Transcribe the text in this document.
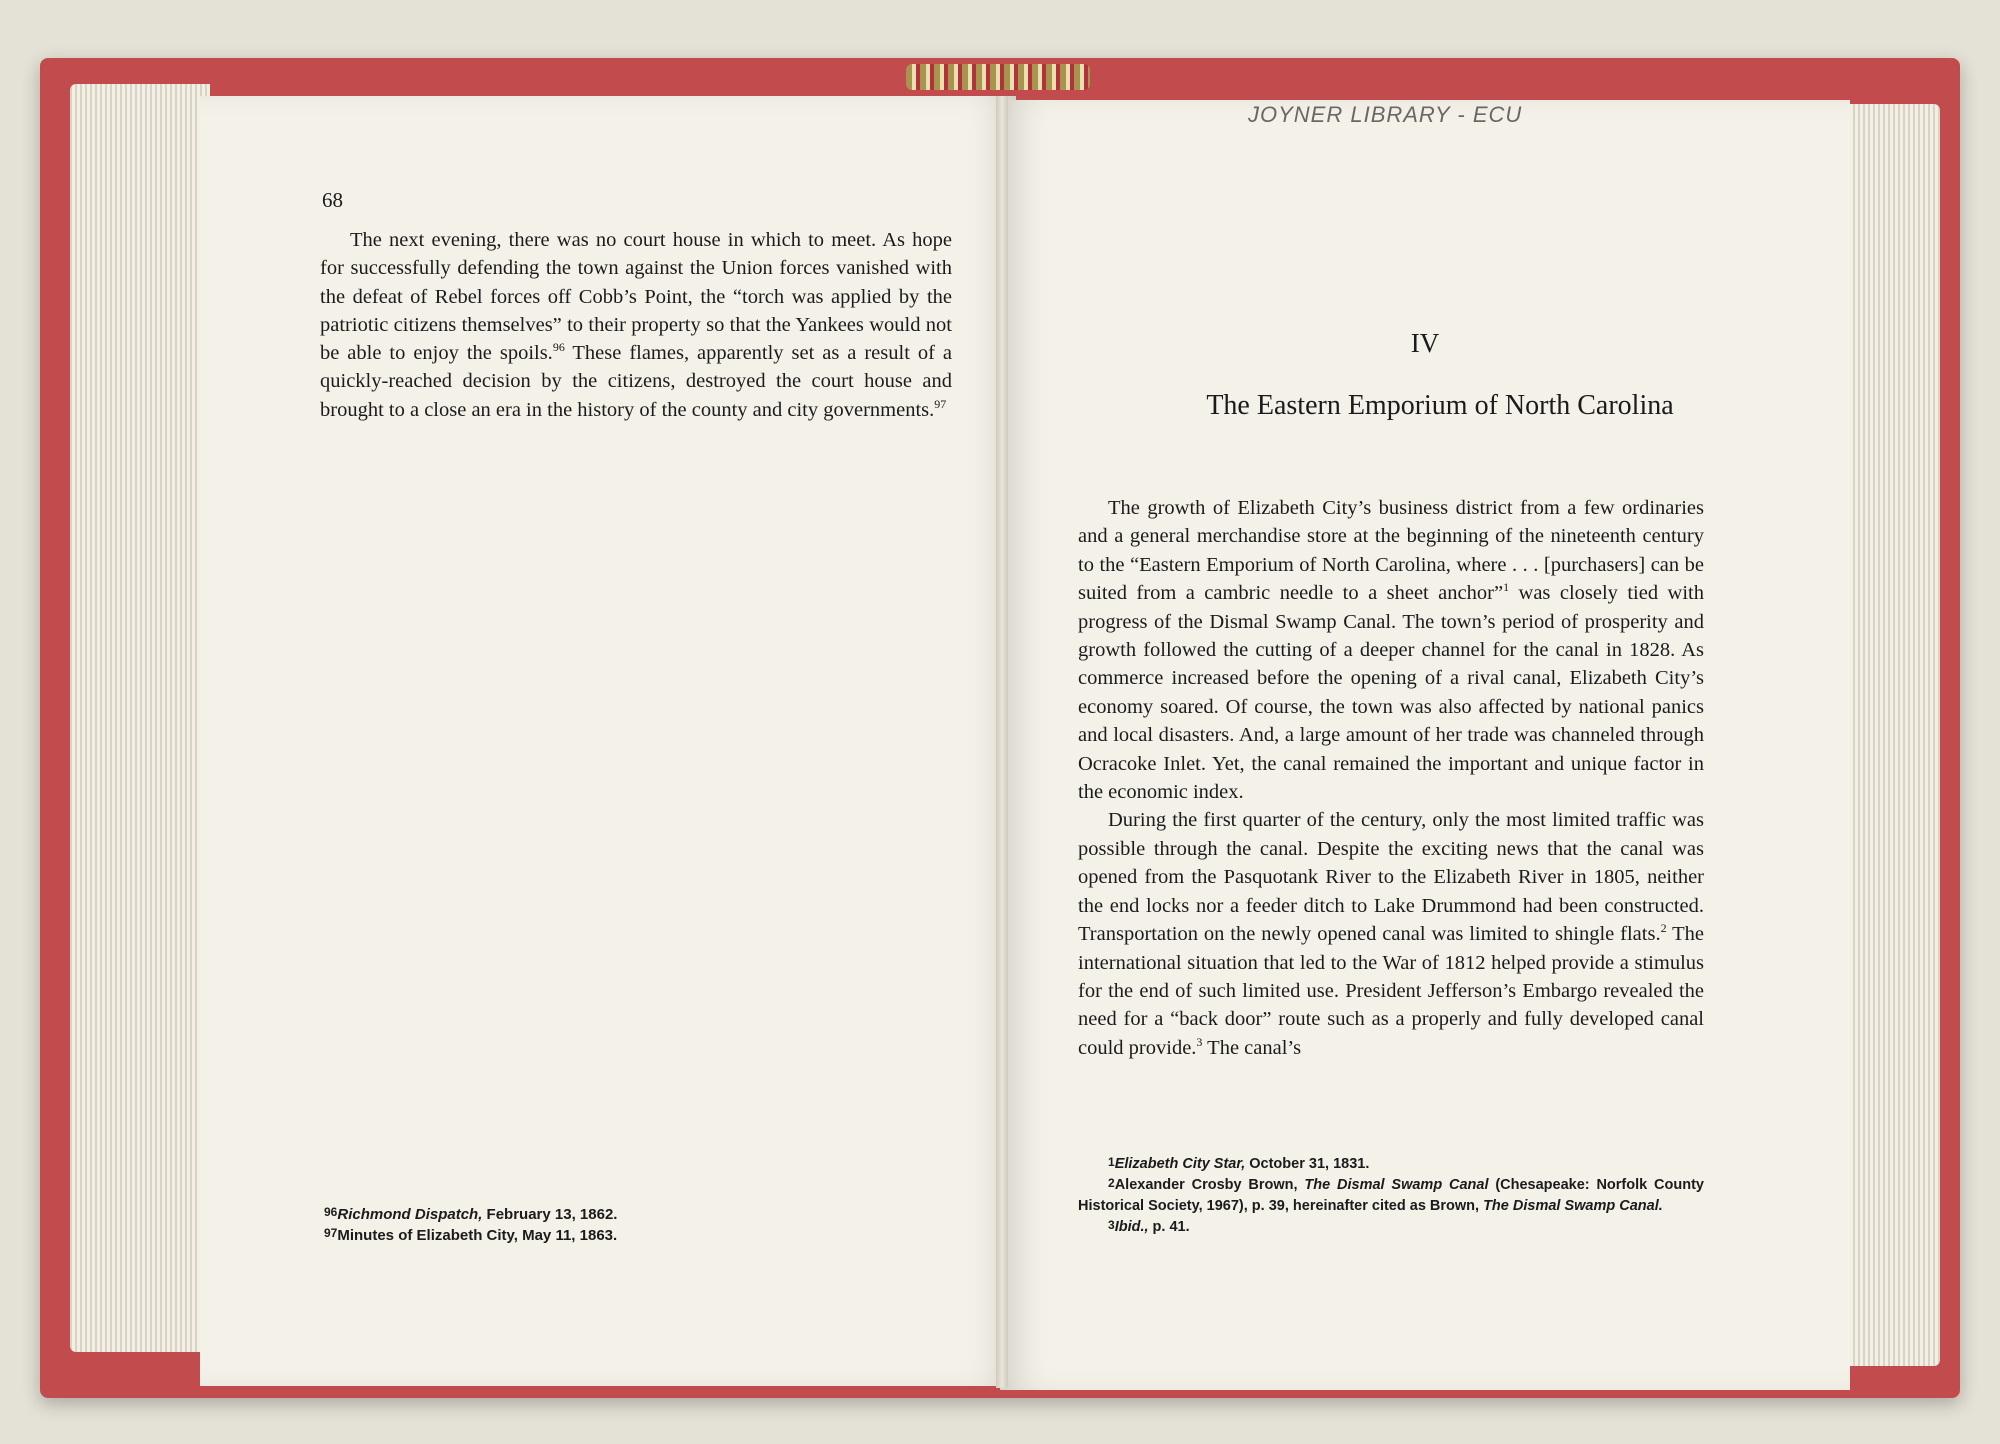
68

The next evening, there was no court house in which to meet. As hope for successfully defending the town against the Union forces vanished with the defeat of Rebel forces off Cobb’s Point, the “torch was applied by the patriotic citizens themselves” to their property so that the Yankees would not be able to enjoy the spoils.$^{96}$ These flames, apparently set as a result of a quickly-reached decision by the citizens, destroyed the court house and brought to a close an era in the history of the county and city governments.$^{97}$

$^{96}$Richmond Dispatch, February 13, 1862.
$^{97}$Minutes of Elizabeth City, May 11, 1863.
JOYNER LIBRARY - ECU
IV
The Eastern Emporium of North Carolina

The growth of Elizabeth City’s business district from a few ordinaries and a general merchandise store at the beginning of the nineteenth century to the “Eastern Emporium of North Carolina, where . . . [purchasers] can be suited from a cambric needle to a sheet anchor”$^1$ was closely tied with progress of the Dismal Swamp Canal. The town’s period of prosperity and growth followed the cutting of a deeper channel for the canal in 1828. As commerce increased before the opening of a rival canal, Elizabeth City’s economy soared. Of course, the town was also affected by national panics and local disasters. And, a large amount of her trade was channeled through Ocracoke Inlet. Yet, the canal remained the important and unique factor in the economic index.

During the first quarter of the century, only the most limited traffic was possible through the canal. Despite the exciting news that the canal was opened from the Pasquotank River to the Elizabeth River in 1805, neither the end locks nor a feeder ditch to Lake Drummond had been constructed. Transportation on the newly opened canal was limited to shingle flats.$^2$ The international situation that led to the War of 1812 helped provide a stimulus for the end of such limited use. President Jefferson’s Embargo revealed the need for a “back door” route such as a properly and fully developed canal could provide.$^3$ The canal’s

$^1$Elizabeth City Star, October 31, 1831.
$^2$Alexander Crosby Brown, The Dismal Swamp Canal (Chesapeake: Norfolk County Historical Society, 1967), p. 39, hereinafter cited as Brown, The Dismal Swamp Canal.
$^3$Ibid., p. 41.
